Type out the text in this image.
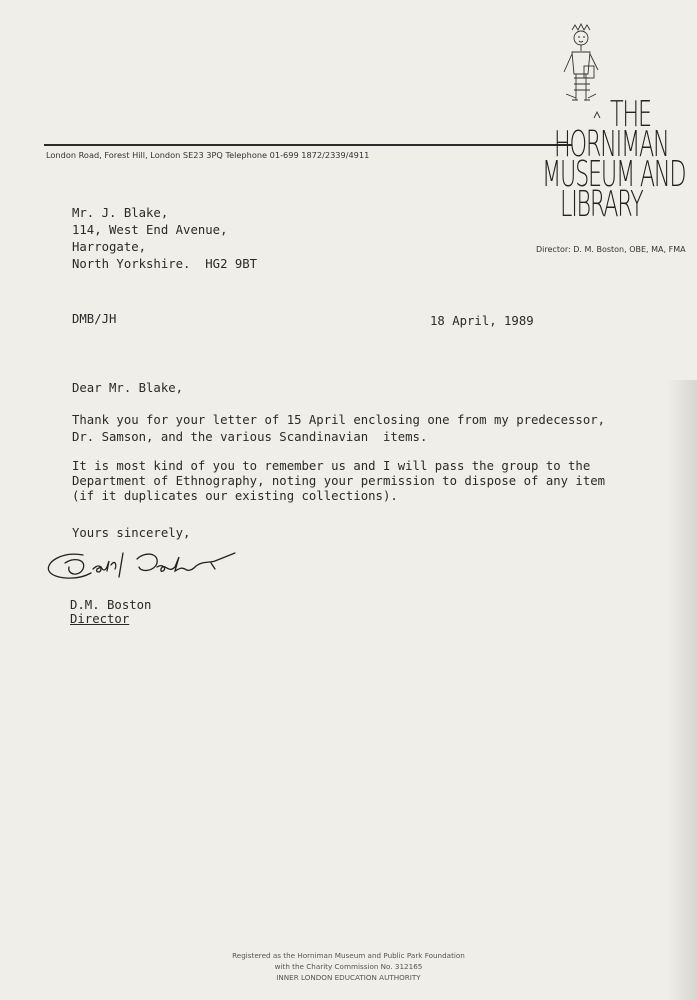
London Road, Forest Hill, London SE23 3PQ Telephone 01-699 1872/2339/4911
THE
HORNIMAN
MUSEUM AND
LIBRARY
Director: D. M. Boston, OBE, MA, FMA
Mr. J. Blake,
114, West End Avenue,
Harrogate,
North Yorkshire.  HG2 9BT
DMB/JH	18 April, 1989
Dear Mr. Blake,
Thank you for your letter of 15 April enclosing one from my predecessor,
Dr. Samson, and the various Scandinavian  items.
It is most kind of you to remember us and I will pass the group to the
Department of Ethnography, noting your permission to dispose of any item
(if it duplicates our existing collections).
Yours sincerely,
D.M. Boston
Director
Registered as the Horniman Museum and Public Park Foundation
with the Charity Commission No. 312165
INNER LONDON EDUCATION AUTHORITY
